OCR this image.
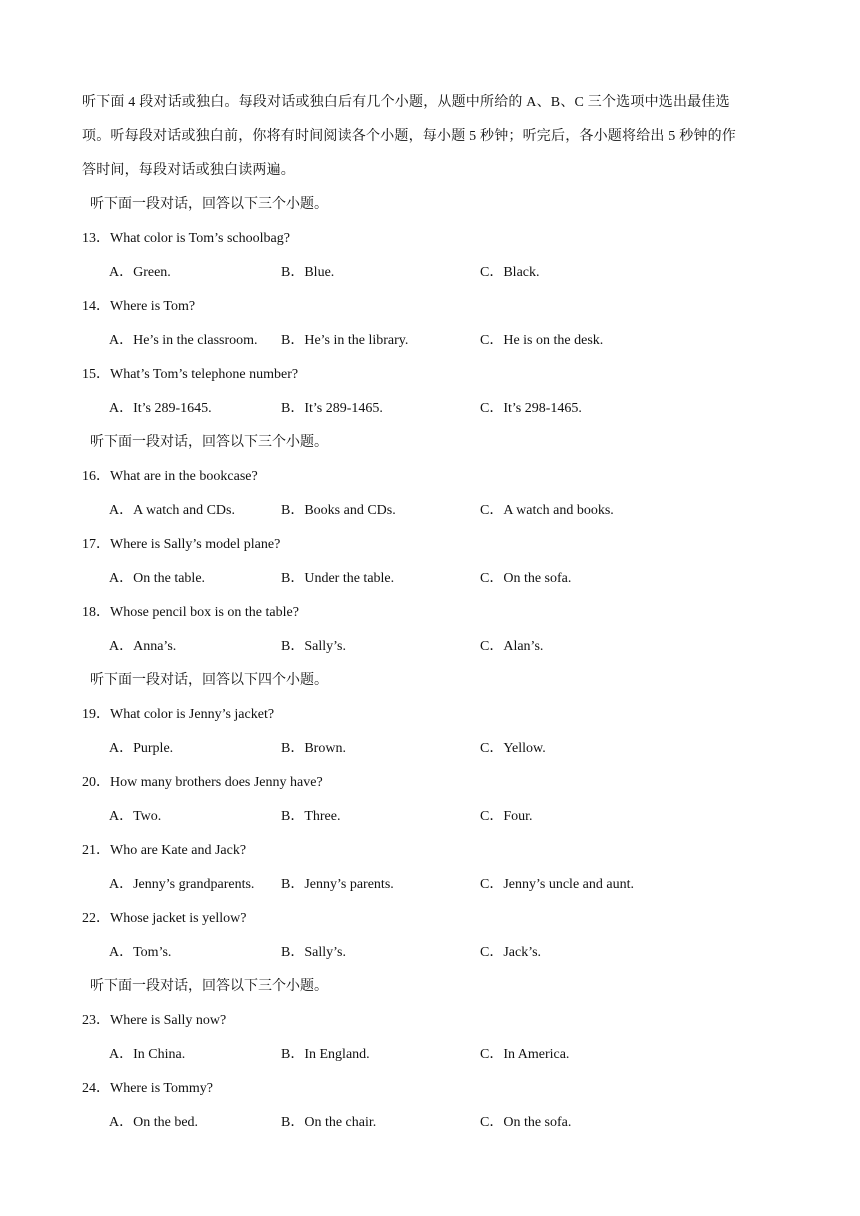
听下面 4 段对话或独白。每段对话或独白后有几个小题，从题中所给的 A、B、C 三个选项中选出最佳选

项。听每段对话或独白前，你将有时间阅读各个小题，每小题 5 秒钟；听完后，各小题将给出 5 秒钟的作

答时间，每段对话或独白读两遍。

听下面一段对话，回答以下三个小题。
13．What color is Tom’s schoolbag?
A．Green.	B．Blue.	C．Black.
14．Where is Tom?
A．He’s in the classroom. B．He’s in the library.	C．He is on the desk.
15．What’s Tom’s telephone number?
A．It’s 289-1645.	B．It’s 289-1465.	C．It’s 298-1465.
听下面一段对话，回答以下三个小题。
16．What are in the bookcase?
A．A watch and CDs.	B．Books and CDs.	C．A watch and books.
17．Where is Sally’s model plane?
A．On the table.	B．Under the table.	C．On the sofa.
18．Whose pencil box is on the table?
A．Anna’s.	B．Sally’s.	C．Alan’s.
听下面一段对话，回答以下四个小题。
19．What color is Jenny’s jacket?
A．Purple.	B．Brown.	C．Yellow.
20．How many brothers does Jenny have?
A．Two.	B．Three.	C．Four.
21．Who are Kate and Jack?
A．Jenny’s grandparents. B．Jenny’s parents.	C．Jenny’s uncle and aunt.
22．Whose jacket is yellow?
A．Tom’s.	B．Sally’s.	C．Jack’s.
听下面一段对话，回答以下三个小题。
23．Where is Sally now?
A．In China.	B．In England.	C．In America.
24．Where is Tommy?
A．On the bed.	B．On the chair.	C．On the sofa.
